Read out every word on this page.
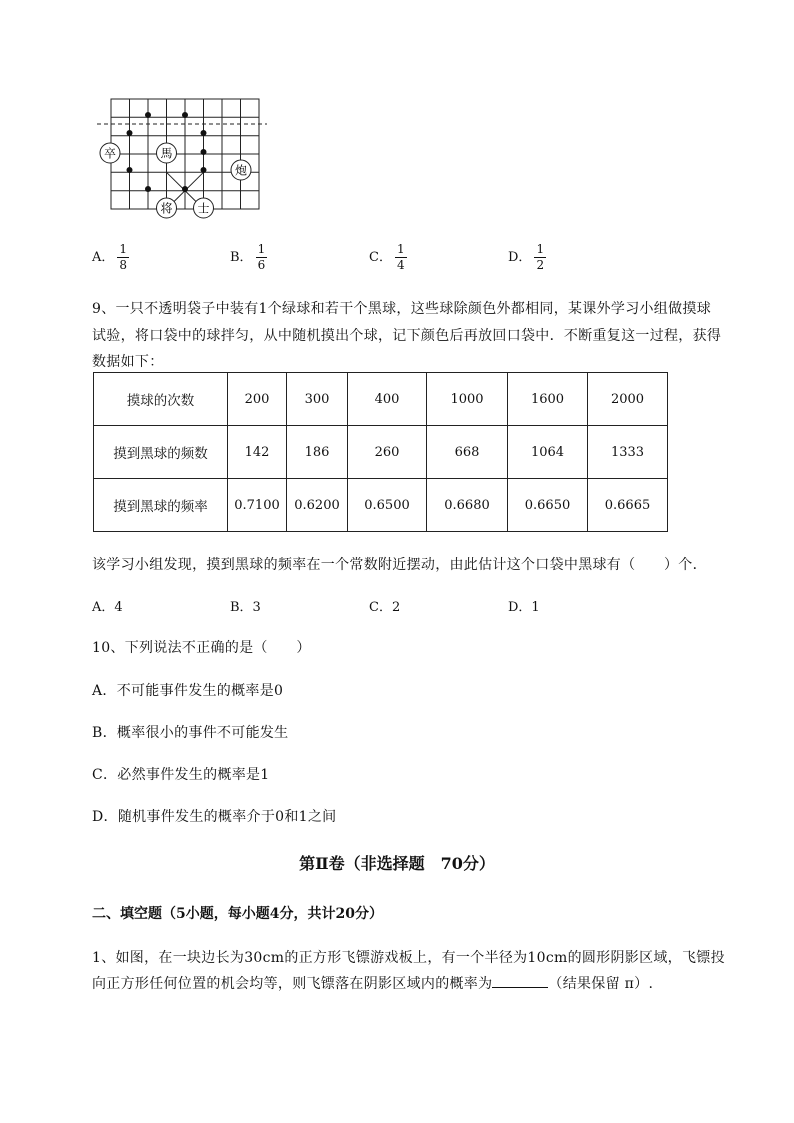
卒	馬
炮
将 士
A． $\frac{1}{8}$	B． $\frac{1}{6}$	C． $\frac{1}{4}$	D． $\frac{1}{2}$
9、一只不透明袋子中装有1个绿球和若干个黑球，这些球除颜色外都相同，某课外学习小组做摸球
试验，将口袋中的球拌匀，从中随机摸出个球，记下颜色后再放回口袋中．不断重复这一过程，获得
数据如下：
摸球的次数	200	300	400	1000	1600	2000
摸到黑球的频数	142	186	260	668	1064	1333
摸到黑球的频率	0.7100	0.6200	0.6500	0.6680	0.6650	0.6665
该学习小组发现，摸到黑球的频率在一个常数附近摆动，由此估计这个口袋中黑球有（　　）个．
A．4	B．3	C．2	D．1
10、下列说法不正确的是（　　）
A．不可能事件发生的概率是0
B．概率很小的事件不可能发生
C．必然事件发生的概率是1
D．随机事件发生的概率介于0和1之间
第Ⅱ卷（非选择题　70分）
二、填空题（5小题，每小题4分，共计20分）
1、如图，在一块边长为30cm的正方形飞镖游戏板上，有一个半径为10cm的圆形阴影区域，飞镖投
向正方形任何位置的机会均等，则飞镖落在阴影区域内的概率为	（结果保留 π）.
